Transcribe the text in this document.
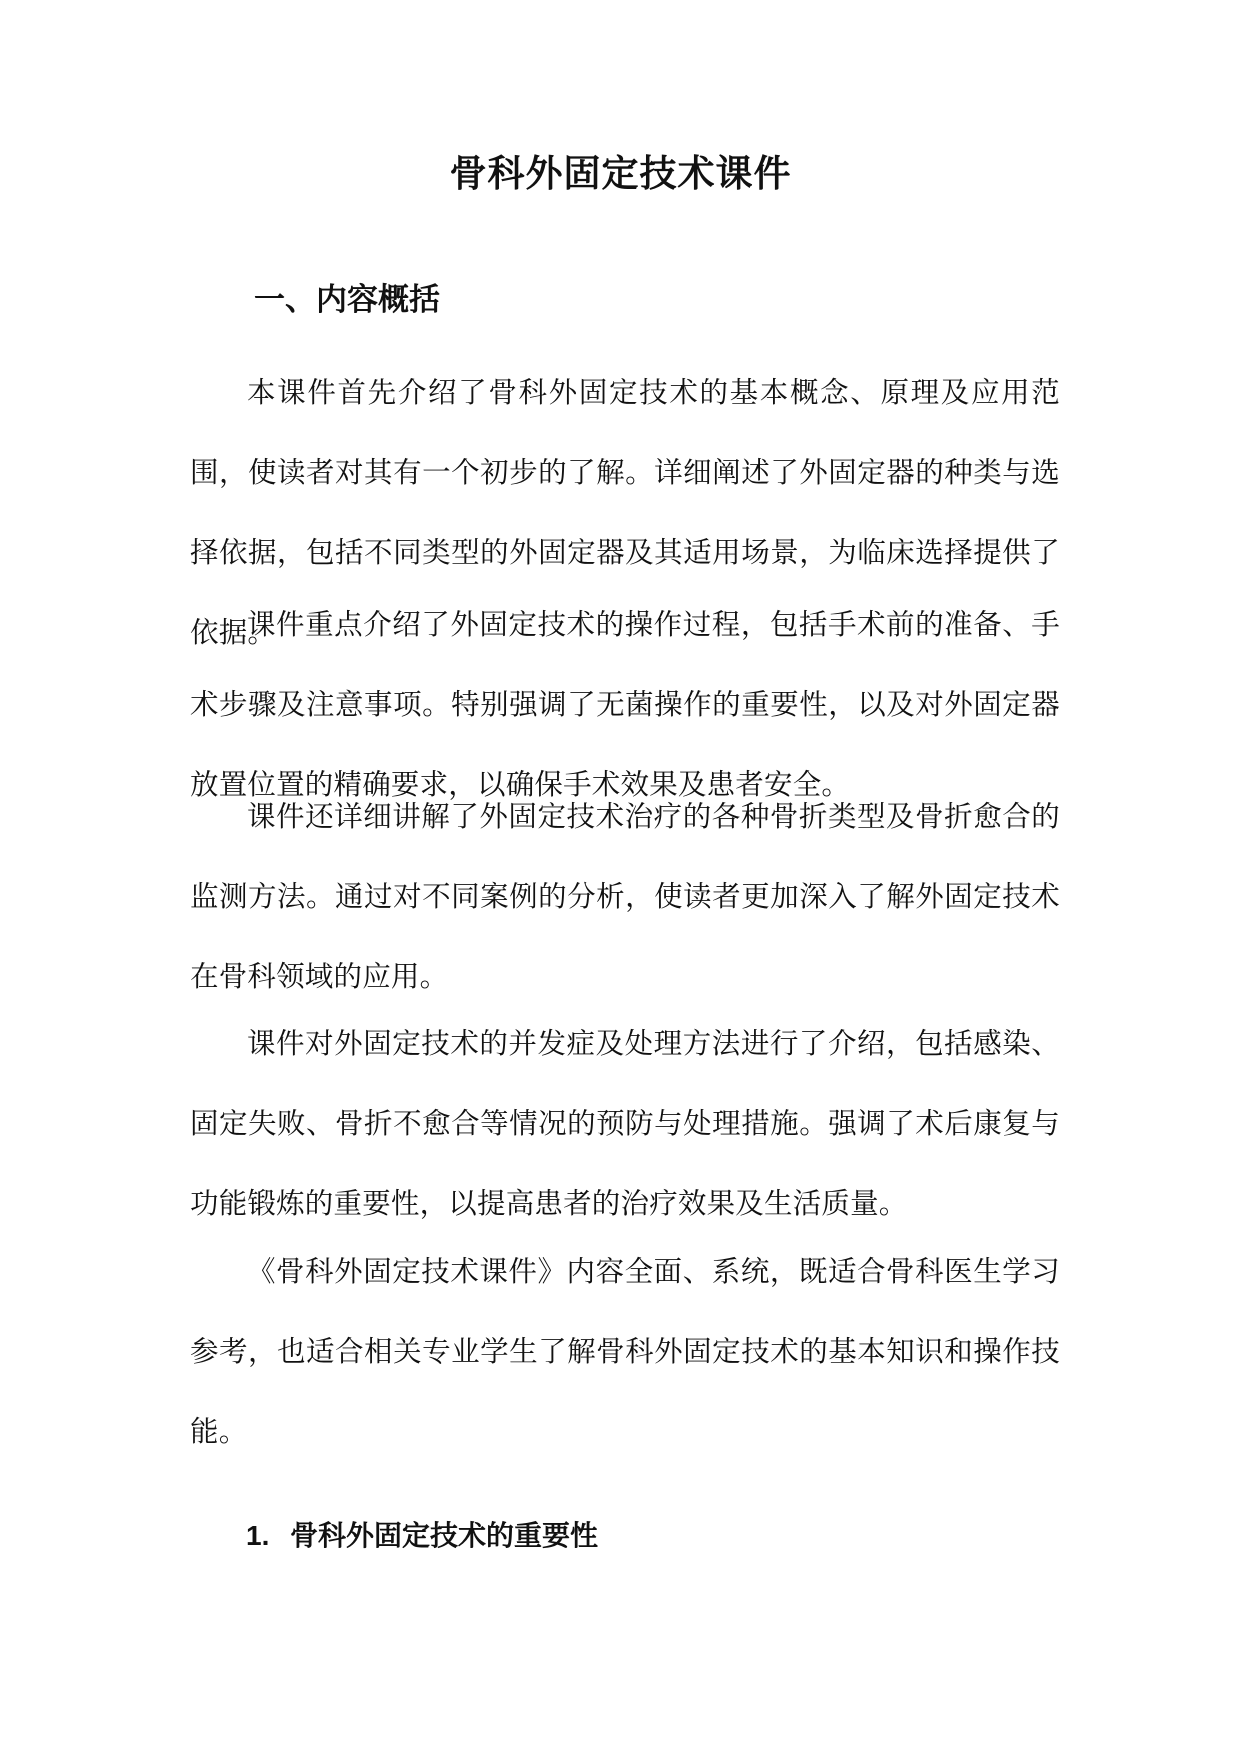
骨科外固定技术课件
一、内容概括

本课件首先介绍了骨科外固定技术的基本概念、原理及应用范围，使读者对其有一个初步的了解。详细阐述了外固定器的种类与选择依据，包括不同类型的外固定器及其适用场景，为临床选择提供了依据。

课件重点介绍了外固定技术的操作过程，包括手术前的准备、手术步骤及注意事项。特别强调了无菌操作的重要性，以及对外固定器放置位置的精确要求，以确保手术效果及患者安全。

课件还详细讲解了外固定技术治疗的各种骨折类型及骨折愈合的监测方法。通过对不同案例的分析，使读者更加深入了解外固定技术在骨科领域的应用。

课件对外固定技术的并发症及处理方法进行了介绍，包括感染、固定失败、骨折不愈合等情况的预防与处理措施。强调了术后康复与功能锻炼的重要性，以提高患者的治疗效果及生活质量。

《骨科外固定技术课件》内容全面、系统，既适合骨科医生学习参考，也适合相关专业学生了解骨科外固定技术的基本知识和操作技能。

1. 骨科外固定技术的重要性
